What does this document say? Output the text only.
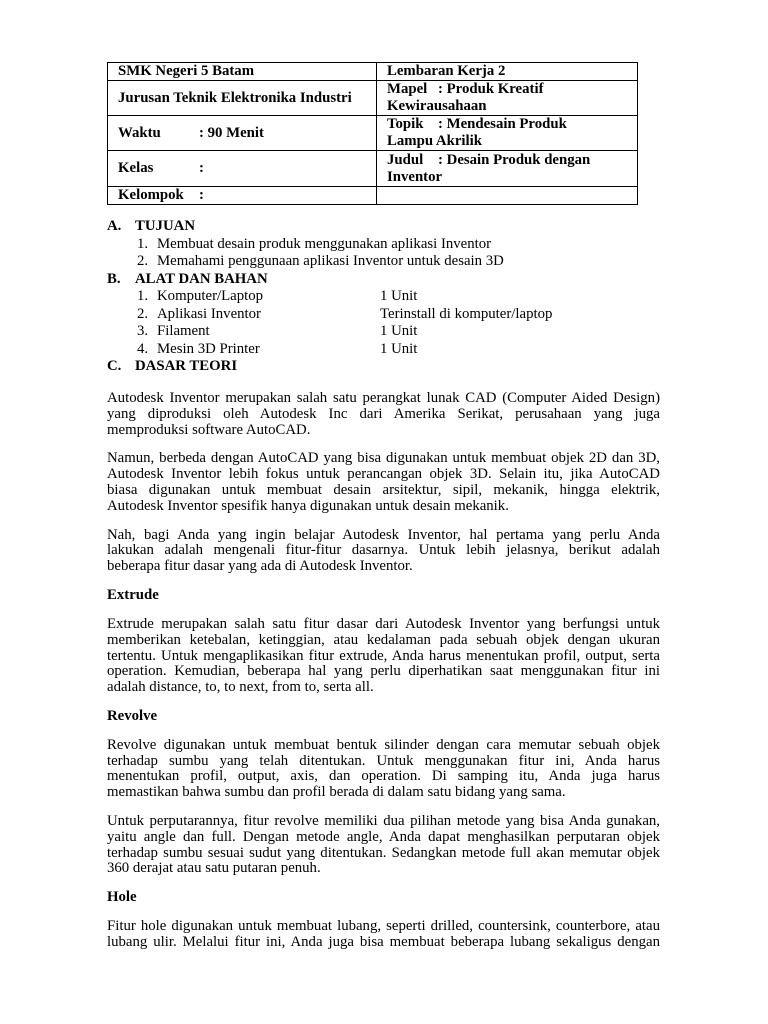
SMK Negeri 5 Batam	Lembaran Kerja 2
Jurusan Teknik Elektronika Industri	Mapel : Produk Kreatif Kewirausahaan

Waktu : 90 Menit	Topik : Mendesain Produk Lampu Akrilik

Kelas :	Judul : Desain Produk dengan Inventor

Kelompok :	
A. TUJUAN
1. Membuat desain produk menggunakan aplikasi Inventor
2. Memahami penggunaan aplikasi Inventor untuk desain 3D
B. ALAT DAN BAHAN
1. Komputer/Laptop	1 Unit
2. Aplikasi Inventor	Terinstall di komputer/laptop
3. Filament	1 Unit
4. Mesin 3D Printer	1 Unit
C. DASAR TEORI
Autodesk Inventor merupakan salah satu perangkat lunak CAD (Computer Aided Design)
yang diproduksi oleh Autodesk Inc dari Amerika Serikat, perusahaan yang juga
memproduksi software AutoCAD.
Namun, berbeda dengan AutoCAD yang bisa digunakan untuk membuat objek 2D dan 3D,
Autodesk Inventor lebih fokus untuk perancangan objek 3D. Selain itu, jika AutoCAD
biasa digunakan untuk membuat desain arsitektur, sipil, mekanik, hingga elektrik,
Autodesk Inventor spesifik hanya digunakan untuk desain mekanik.
Nah, bagi Anda yang ingin belajar Autodesk Inventor, hal pertama yang perlu Anda
lakukan adalah mengenali fitur-fitur dasarnya. Untuk lebih jelasnya, berikut adalah
beberapa fitur dasar yang ada di Autodesk Inventor.
Extrude
Extrude merupakan salah satu fitur dasar dari Autodesk Inventor yang berfungsi untuk
memberikan ketebalan, ketinggian, atau kedalaman pada sebuah objek dengan ukuran
tertentu. Untuk mengaplikasikan fitur extrude, Anda harus menentukan profil, output, serta
operation. Kemudian, beberapa hal yang perlu diperhatikan saat menggunakan fitur ini
adalah distance, to, to next, from to, serta all.
Revolve
Revolve digunakan untuk membuat bentuk silinder dengan cara memutar sebuah objek
terhadap sumbu yang telah ditentukan. Untuk menggunakan fitur ini, Anda harus
menentukan profil, output, axis, dan operation. Di samping itu, Anda juga harus
memastikan bahwa sumbu dan profil berada di dalam satu bidang yang sama.
Untuk perputarannya, fitur revolve memiliki dua pilihan metode yang bisa Anda gunakan,
yaitu angle dan full. Dengan metode angle, Anda dapat menghasilkan perputaran objek
terhadap sumbu sesuai sudut yang ditentukan. Sedangkan metode full akan memutar objek
360 derajat atau satu putaran penuh.
Hole
Fitur hole digunakan untuk membuat lubang, seperti drilled, countersink, counterbore, atau
lubang ulir. Melalui fitur ini, Anda juga bisa membuat beberapa lubang sekaligus dengan
